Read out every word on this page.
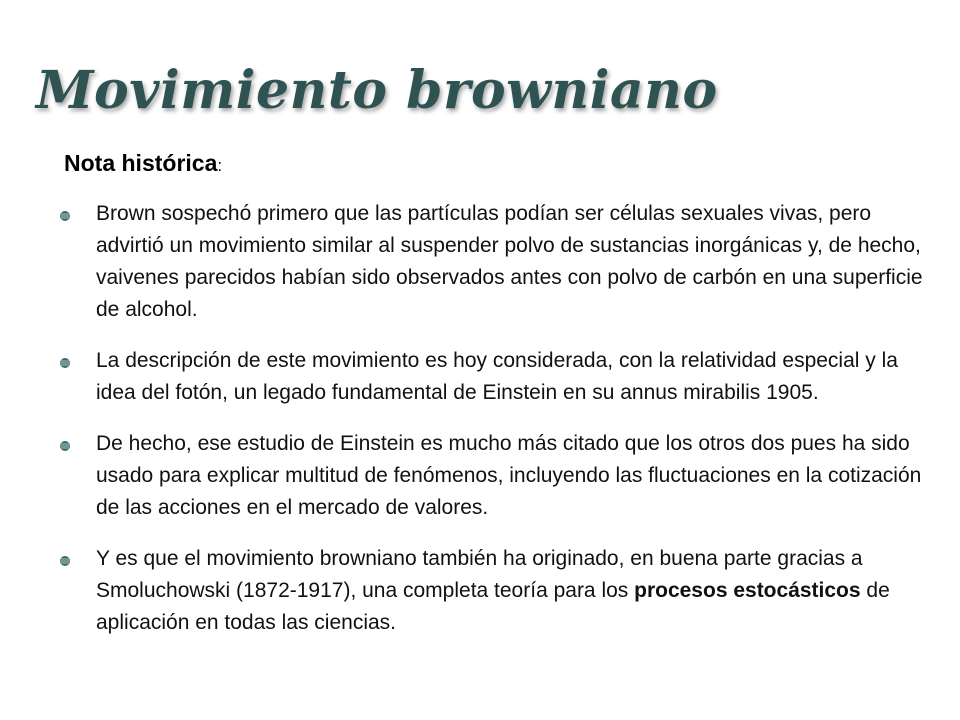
Movimiento browniano
Nota histórica:
Brown sospechó primero que las partículas podían ser células sexuales vivas, pero advirtió un movimiento similar al suspender polvo de sustancias inorgánicas y, de hecho, vaivenes parecidos habían sido observados antes con polvo de carbón en una superficie de alcohol.
La descripción de este movimiento es hoy considerada, con la relatividad especial y la idea del fotón, un legado fundamental de Einstein en su annus mirabilis 1905.
De hecho, ese estudio de Einstein es mucho más citado que los otros dos pues ha sido usado para explicar multitud de fenómenos, incluyendo las fluctuaciones en la cotización de las acciones en el mercado de valores.
Y es que el movimiento browniano también ha originado, en buena parte gracias a Smoluchowski (1872-1917), una completa teoría para los procesos estocásticos de aplicación en todas las ciencias.
